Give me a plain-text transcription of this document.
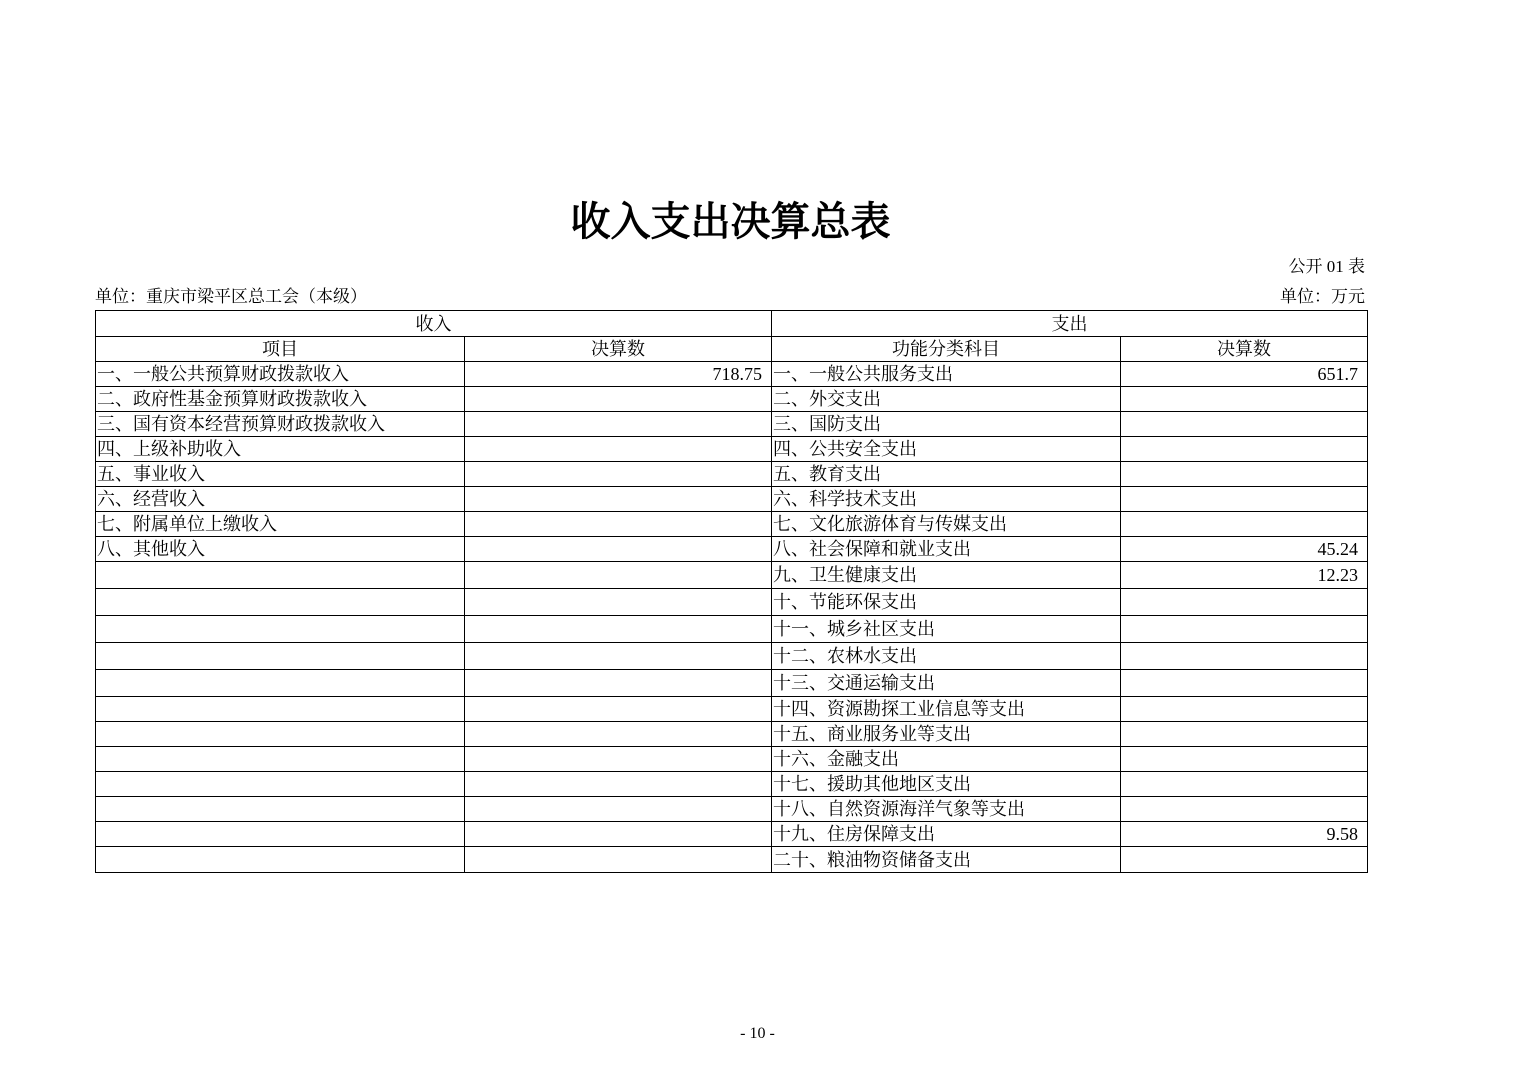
收入支出决算总表
公开 01 表
单位：重庆市梁平区总工会（本级）	单位：万元
收入		支出	
项目	决算数	功能分类科目	决算数
一、一般公共预算财政拨款收入	718.75	一、一般公共服务支出	651.7
二、政府性基金预算财政拨款收入		二、外交支出	
三、国有资本经营预算财政拨款收入		三、国防支出	
四、上级补助收入		四、公共安全支出	
五、事业收入		五、教育支出	
六、经营收入		六、科学技术支出	
七、附属单位上缴收入		七、文化旅游体育与传媒支出	
八、其他收入		八、社会保障和就业支出	45.24
		九、卫生健康支出	12.23
		十、节能环保支出	
		十一、城乡社区支出	
		十二、农林水支出	
		十三、交通运输支出	
		十四、资源勘探工业信息等支出	
		十五、商业服务业等支出	
		十六、金融支出	
		十七、援助其他地区支出	
		十八、自然资源海洋气象等支出	
		十九、住房保障支出	9.58
		二十、粮油物资储备支出	
- 10 -
